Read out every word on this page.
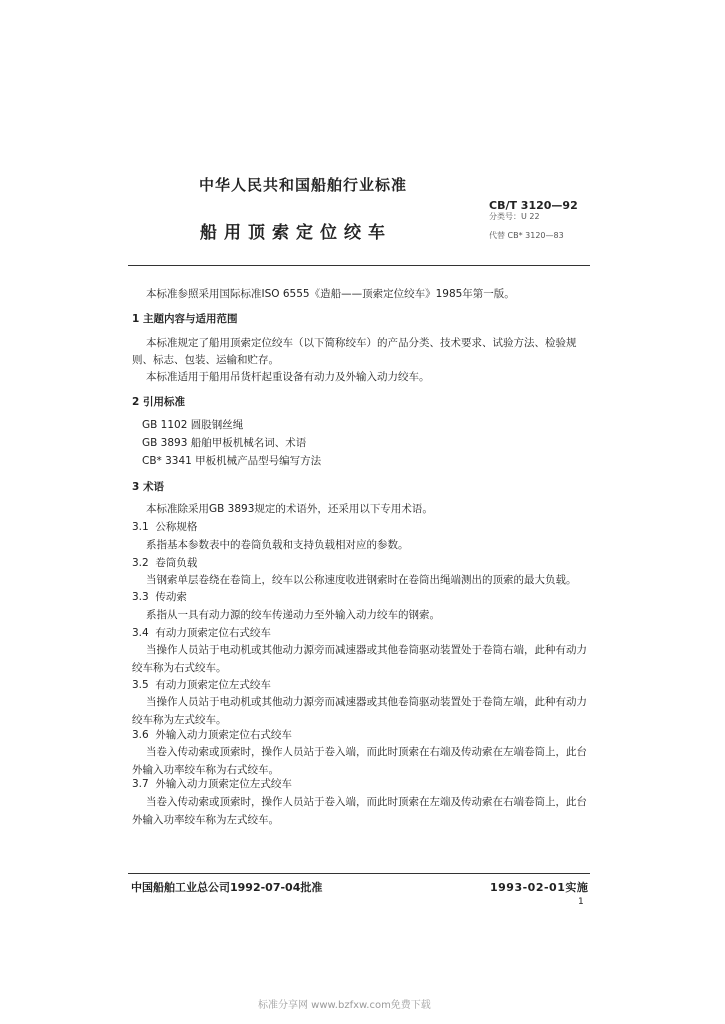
中华人民共和国船舶行业标准
船用顶索定位绞车
CB/T 3120—92
分类号：U 22
代替 CB* 3120—83
本标准参照采用国际标准ISO 6555《造船——顶索定位绞车》1985年第一版。
1 主题内容与适用范围
本标准规定了船用顶索定位绞车（以下简称绞车）的产品分类、技术要求、试验方法、检验规则、标志、包装、运输和贮存。
本标准适用于船用吊货杆起重设备有动力及外输入动力绞车。
2 引用标准
GB 1102 圆股钢丝绳
GB 3893 船舶甲板机械名词、术语
CB* 3341 甲板机械产品型号编写方法
3 术语
本标准除采用GB 3893规定的术语外，还采用以下专用术语。
3.1 公称规格
系指基本参数表中的卷筒负载和支持负载相对应的参数。
3.2 卷筒负载
当钢索单层卷绕在卷筒上，绞车以公称速度收进钢索时在卷筒出绳端测出的顶索的最大负载。
3.3 传动索
系指从一具有动力源的绞车传递动力至外输入动力绞车的钢索。
3.4 有动力顶索定位右式绞车
当操作人员站于电动机或其他动力源旁而减速器或其他卷筒驱动装置处于卷筒右端，此种有动力绞车称为右式绞车。
3.5 有动力顶索定位左式绞车
当操作人员站于电动机或其他动力源旁而减速器或其他卷筒驱动装置处于卷筒左端，此种有动力绞车称为左式绞车。
3.6 外输入动力顶索定位右式绞车
当卷入传动索或顶索时，操作人员站于卷入端，而此时顶索在右端及传动索在左端卷筒上，此台外输入功率绞车称为右式绞车。
3.7 外输入动力顶索定位左式绞车
当卷入传动索或顶索时，操作人员站于卷入端，而此时顶索在左端及传动索在右端卷筒上，此台外输入功率绞车称为左式绞车。
中国船舶工业总公司1992-07-04批准	1993-02-01实施
1
标准分享网 www.bzfxw.com免费下载
